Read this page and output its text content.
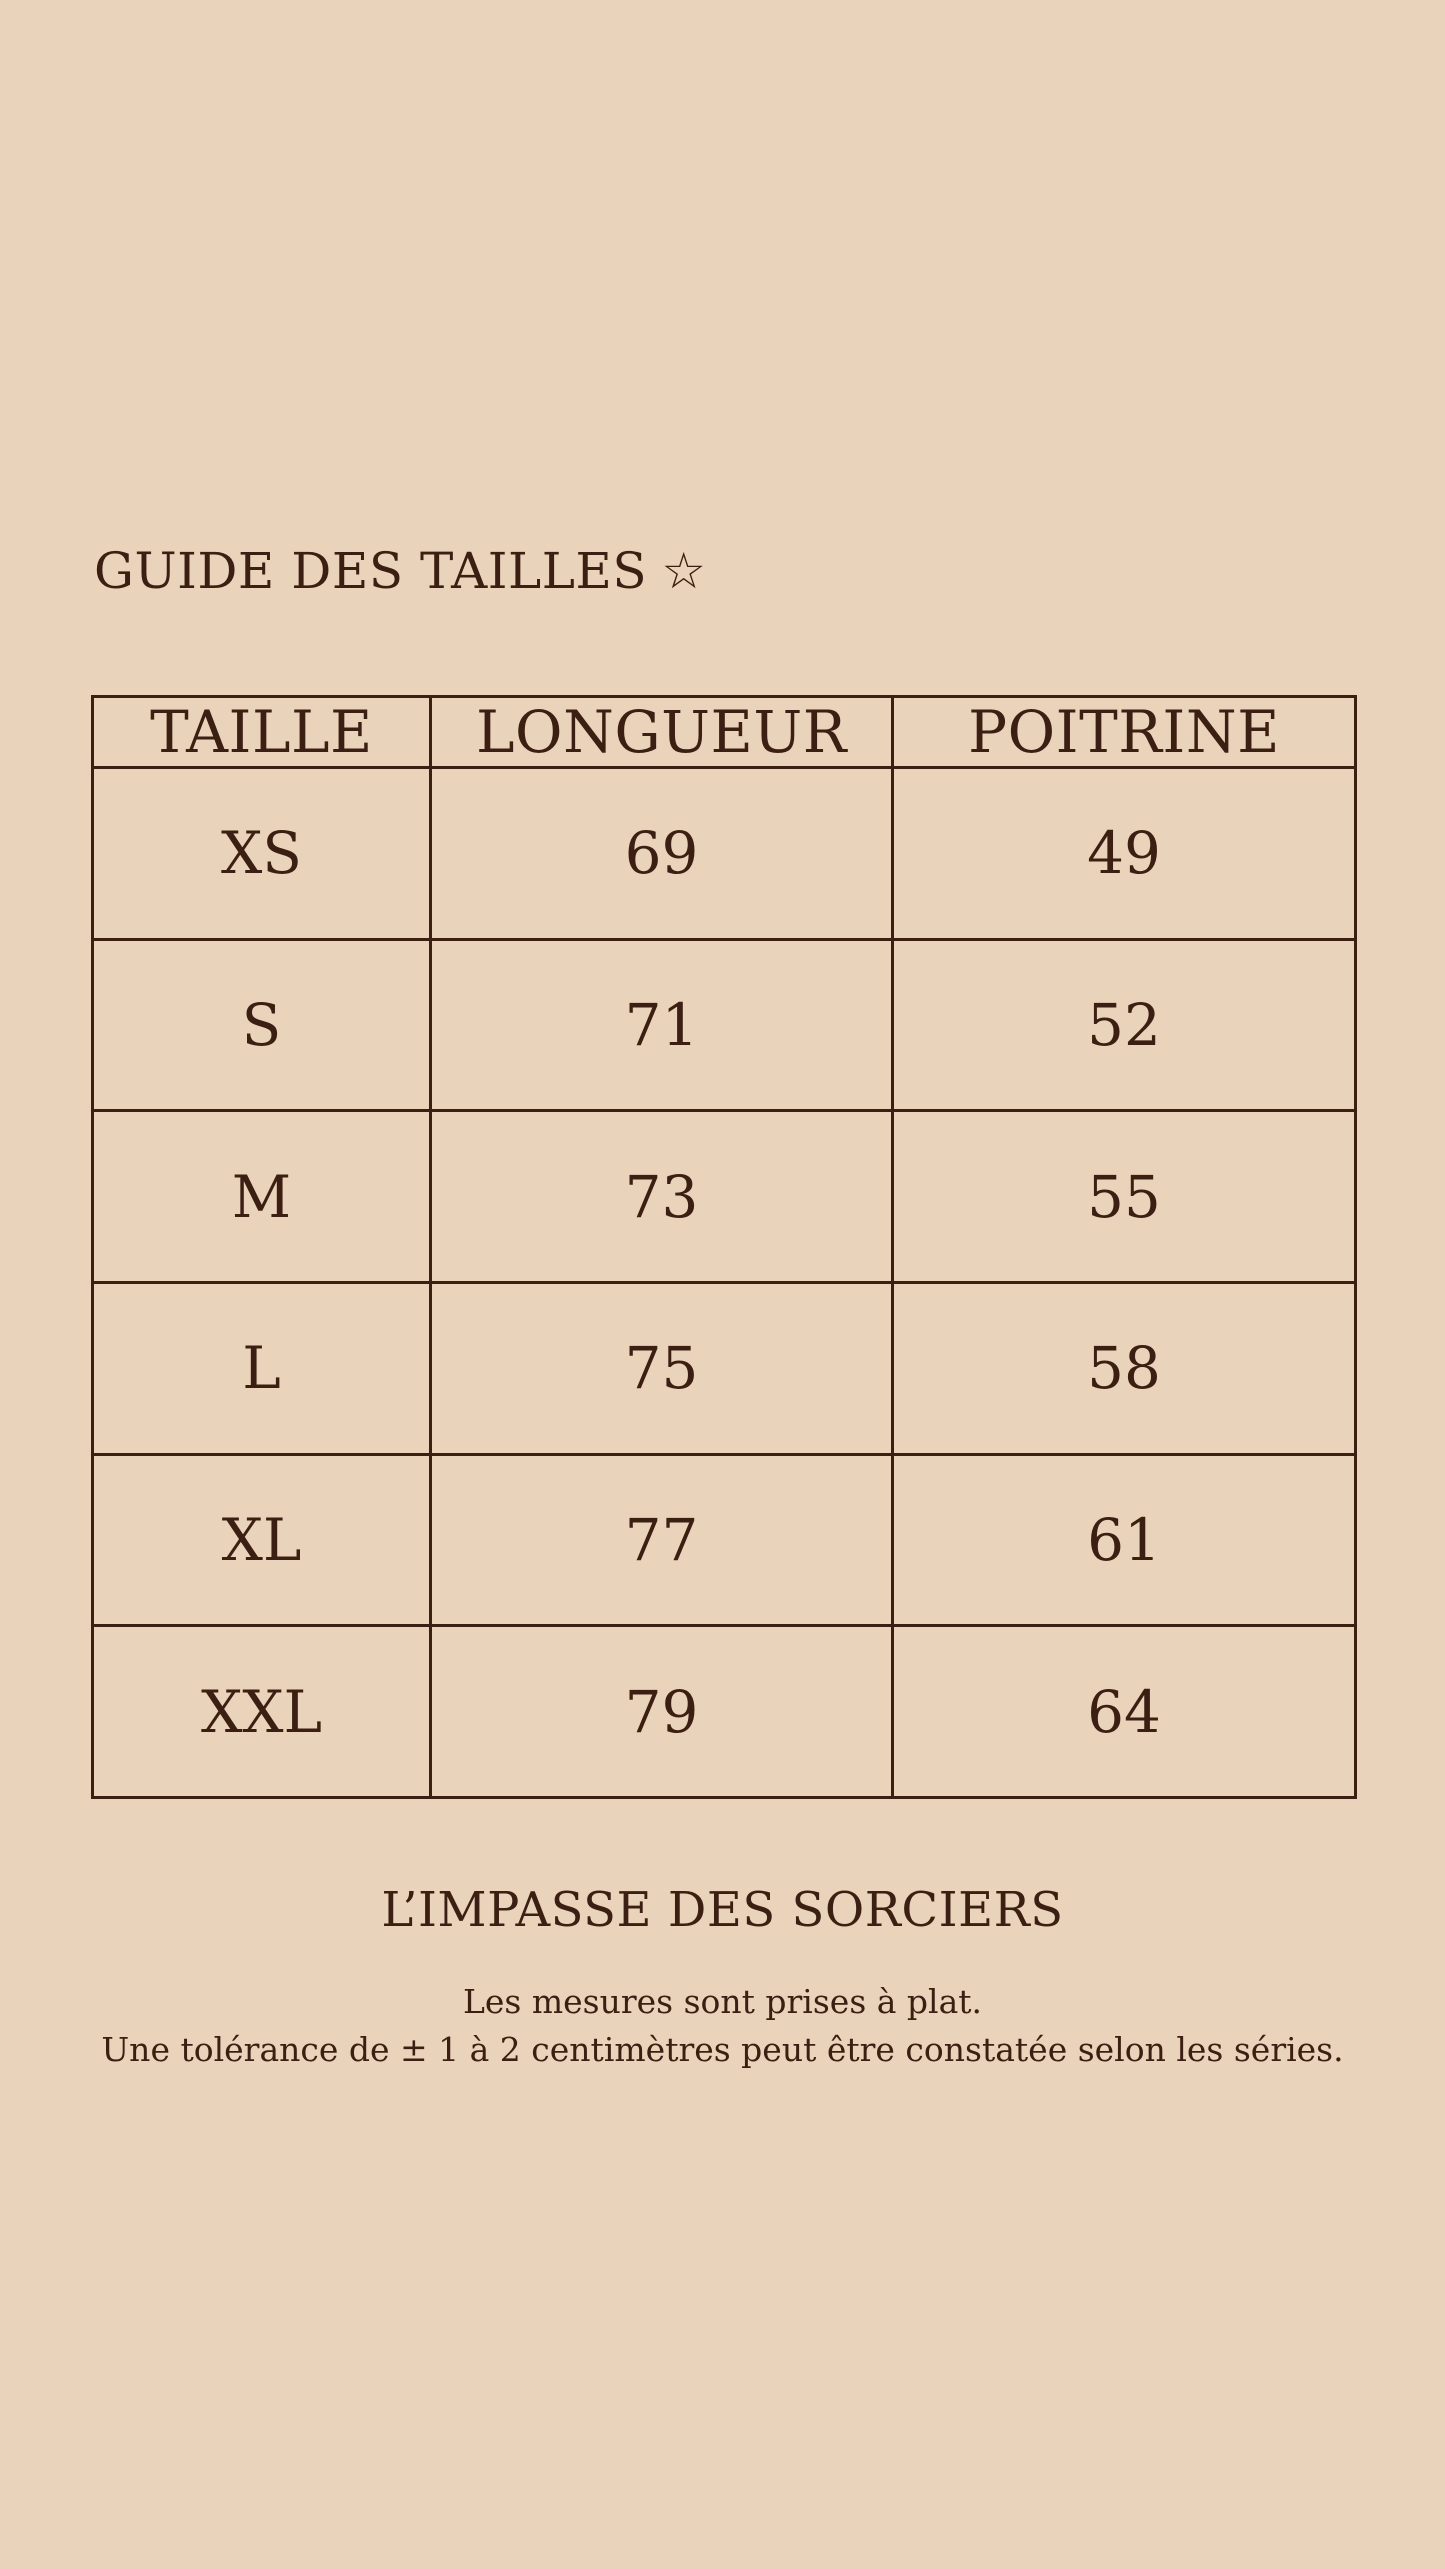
GUIDE DES TAILLES ☆
TAILLE	LONGUEUR	POITRINE
XS	69	49
S	71	52
M	73	55
L	75	58
XL	77	61
XXL	79	64
L’IMPASSE DES SORCIERS

Les mesures sont prises à plat.

Une tolérance de ± 1 à 2 centimètres peut être constatée selon les séries.
